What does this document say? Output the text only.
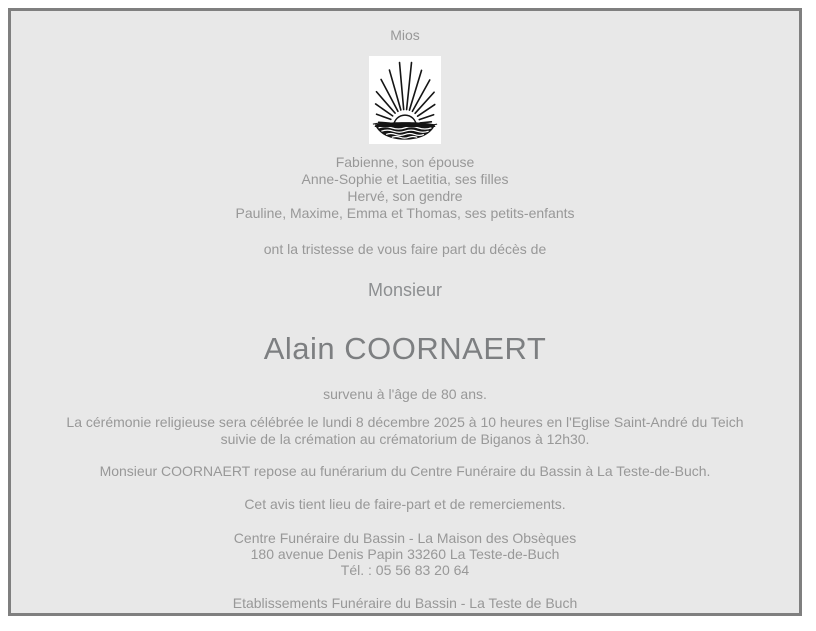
Mios
Fabienne, son épouse
Anne-Sophie et Laetitia, ses filles
Hervé, son gendre
Pauline, Maxime, Emma et Thomas, ses petits-enfants
ont la tristesse de vous faire part du décès de
Monsieur
Alain COORNAERT
survenu à l'âge de 80 ans.
La cérémonie religieuse sera célébrée le lundi 8 décembre 2025 à 10 heures en l'Eglise Saint-André du Teich
suivie de la crémation au crématorium de Biganos à 12h30.
Monsieur COORNAERT repose au funérarium du Centre Funéraire du Bassin à La Teste-de-Buch.
Cet avis tient lieu de faire-part et de remerciements.
Centre Funéraire du Bassin - La Maison des Obsèques
180 avenue Denis Papin 33260 La Teste-de-Buch
Tél. : 05 56 83 20 64
Etablissements Funéraire du Bassin - La Teste de Buch
